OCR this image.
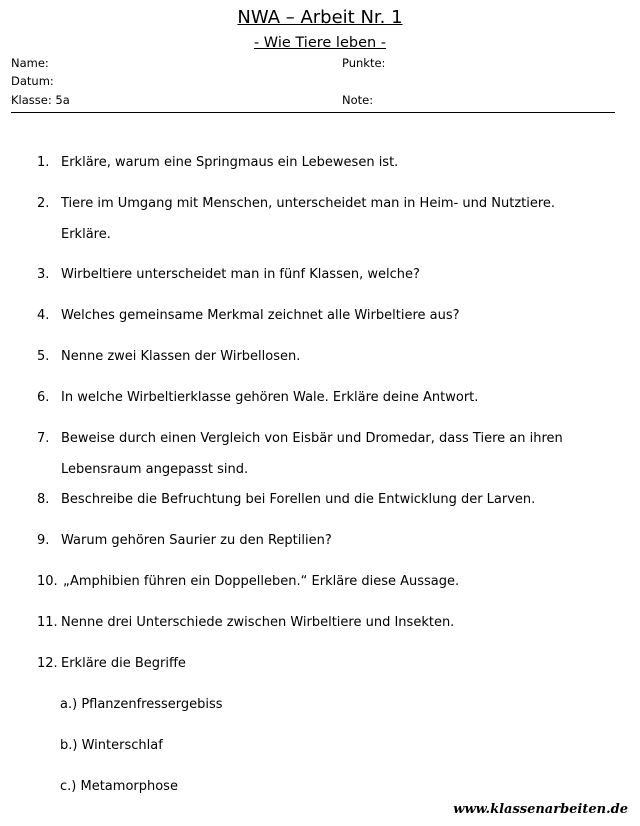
NWA – Arbeit Nr. 1
- Wie Tiere leben -
Name:	Punkte:
Datum:
Klasse: 5a	Note:
1. Erkläre, warum eine Springmaus ein Lebewesen ist.
2. Tiere im Umgang mit Menschen, unterscheidet man in Heim- und Nutztiere. Erkläre.
3. Wirbeltiere unterscheidet man in fünf Klassen, welche?
4. Welches gemeinsame Merkmal zeichnet alle Wirbeltiere aus?
5. Nenne zwei Klassen der Wirbellosen.
6. In welche Wirbeltierklasse gehören Wale. Erkläre deine Antwort.
7. Beweise durch einen Vergleich von Eisbär und Dromedar, dass Tiere an ihren Lebensraum angepasst sind.
8. Beschreibe die Befruchtung bei Forellen und die Entwicklung der Larven.
9. Warum gehören Saurier zu den Reptilien?
10. „Amphibien führen ein Doppelleben.“ Erkläre diese Aussage.
11. Nenne drei Unterschiede zwischen Wirbeltiere und Insekten.
12. Erkläre die Begriffe
a.) Pflanzenfressergebiss
b.) Winterschlaf
c.) Metamorphose
www.klassenarbeiten.de
